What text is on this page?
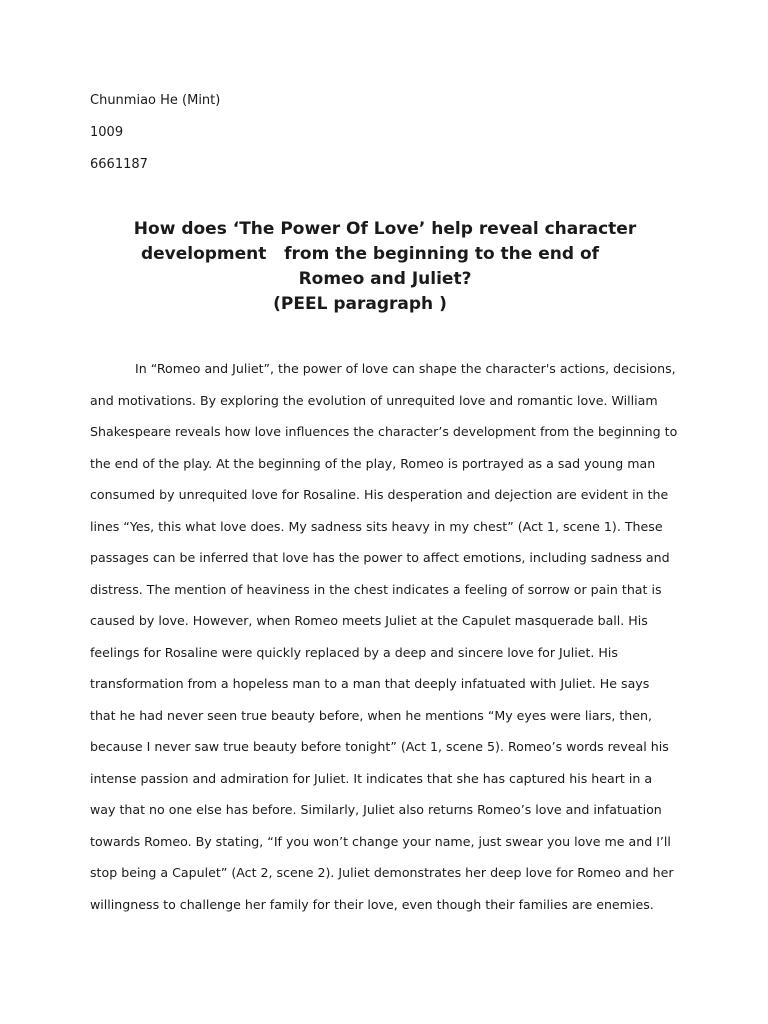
Chunmiao He (Mint)
1009
6661187
How does ‘The Power Of Love’ help reveal character
development   from the beginning to the end of
Romeo and Juliet?
(PEEL paragraph )
In “Romeo and Juliet”, the power of love can shape the character's actions, decisions,
and motivations. By exploring the evolution of unrequited love and romantic love. William
Shakespeare reveals how love influences the character’s development from the beginning to
the end of the play. At the beginning of the play, Romeo is portrayed as a sad young man
consumed by unrequited love for Rosaline. His desperation and dejection are evident in the
lines “Yes, this what love does. My sadness sits heavy in my chest” (Act 1, scene 1). These
passages can be inferred that love has the power to affect emotions, including sadness and
distress. The mention of heaviness in the chest indicates a feeling of sorrow or pain that is
caused by love. However, when Romeo meets Juliet at the Capulet masquerade ball. His
feelings for Rosaline were quickly replaced by a deep and sincere love for Juliet. His
transformation from a hopeless man to a man that deeply infatuated with Juliet. He says
that he had never seen true beauty before, when he mentions “My eyes were liars, then,
because I never saw true beauty before tonight” (Act 1, scene 5). Romeo’s words reveal his
intense passion and admiration for Juliet. It indicates that she has captured his heart in a
way that no one else has before. Similarly, Juliet also returns Romeo’s love and infatuation
towards Romeo. By stating, “If you won’t change your name, just swear you love me and I’ll
stop being a Capulet” (Act 2, scene 2). Juliet demonstrates her deep love for Romeo and her
willingness to challenge her family for their love, even though their families are enemies.
